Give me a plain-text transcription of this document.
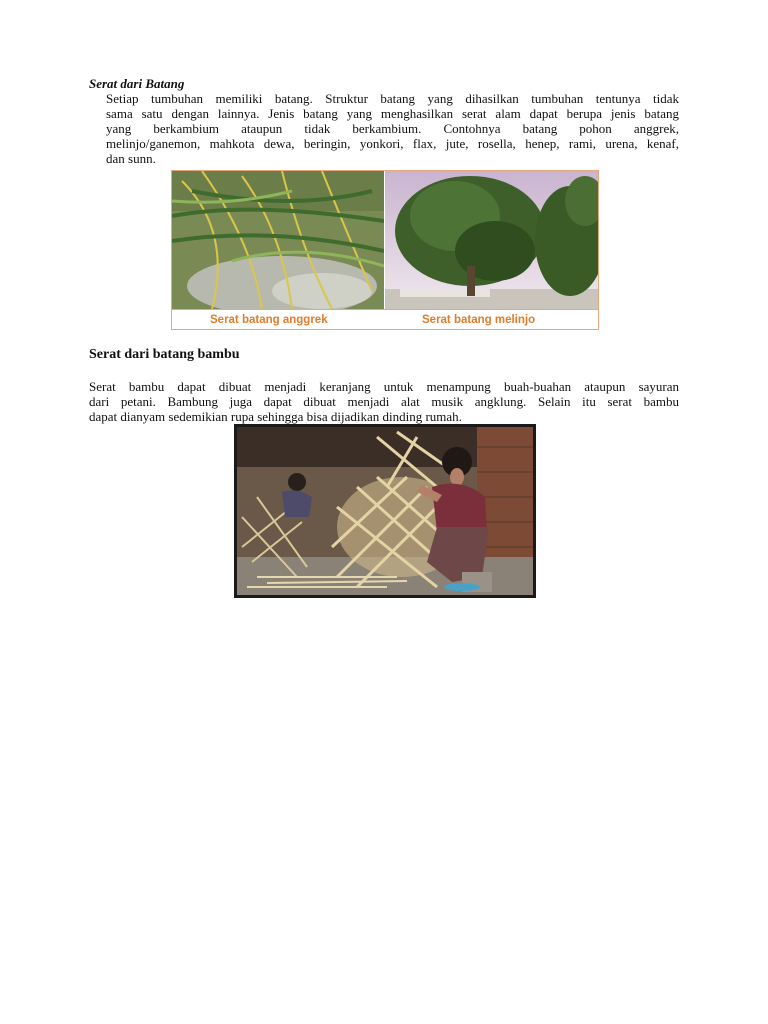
Serat dari Batang

Setiap tumbuhan memiliki batang. Struktur batang yang dihasilkan tumbuhan tentunya tidak
sama satu dengan lainnya. Jenis batang yang menghasilkan serat alam dapat berupa jenis batang
yang berkambium ataupun tidak berkambium. Contohnya batang pohon anggrek,
melinjo/ganemon, mahkota dewa, beringin, yonkori, flax, jute, rosella, henep, rami, urena, kenaf,
dan sunn.

Serat batang anggrek	Serat batang melinjo

Serat dari batang bambu

Serat bambu dapat dibuat menjadi keranjang untuk menampung buah-buahan ataupun sayuran
dari petani. Bambung juga dapat dibuat menjadi alat musik angklung. Selain itu serat bambu
dapat dianyam sedemikian rupa sehingga bisa dijadikan dinding rumah.
